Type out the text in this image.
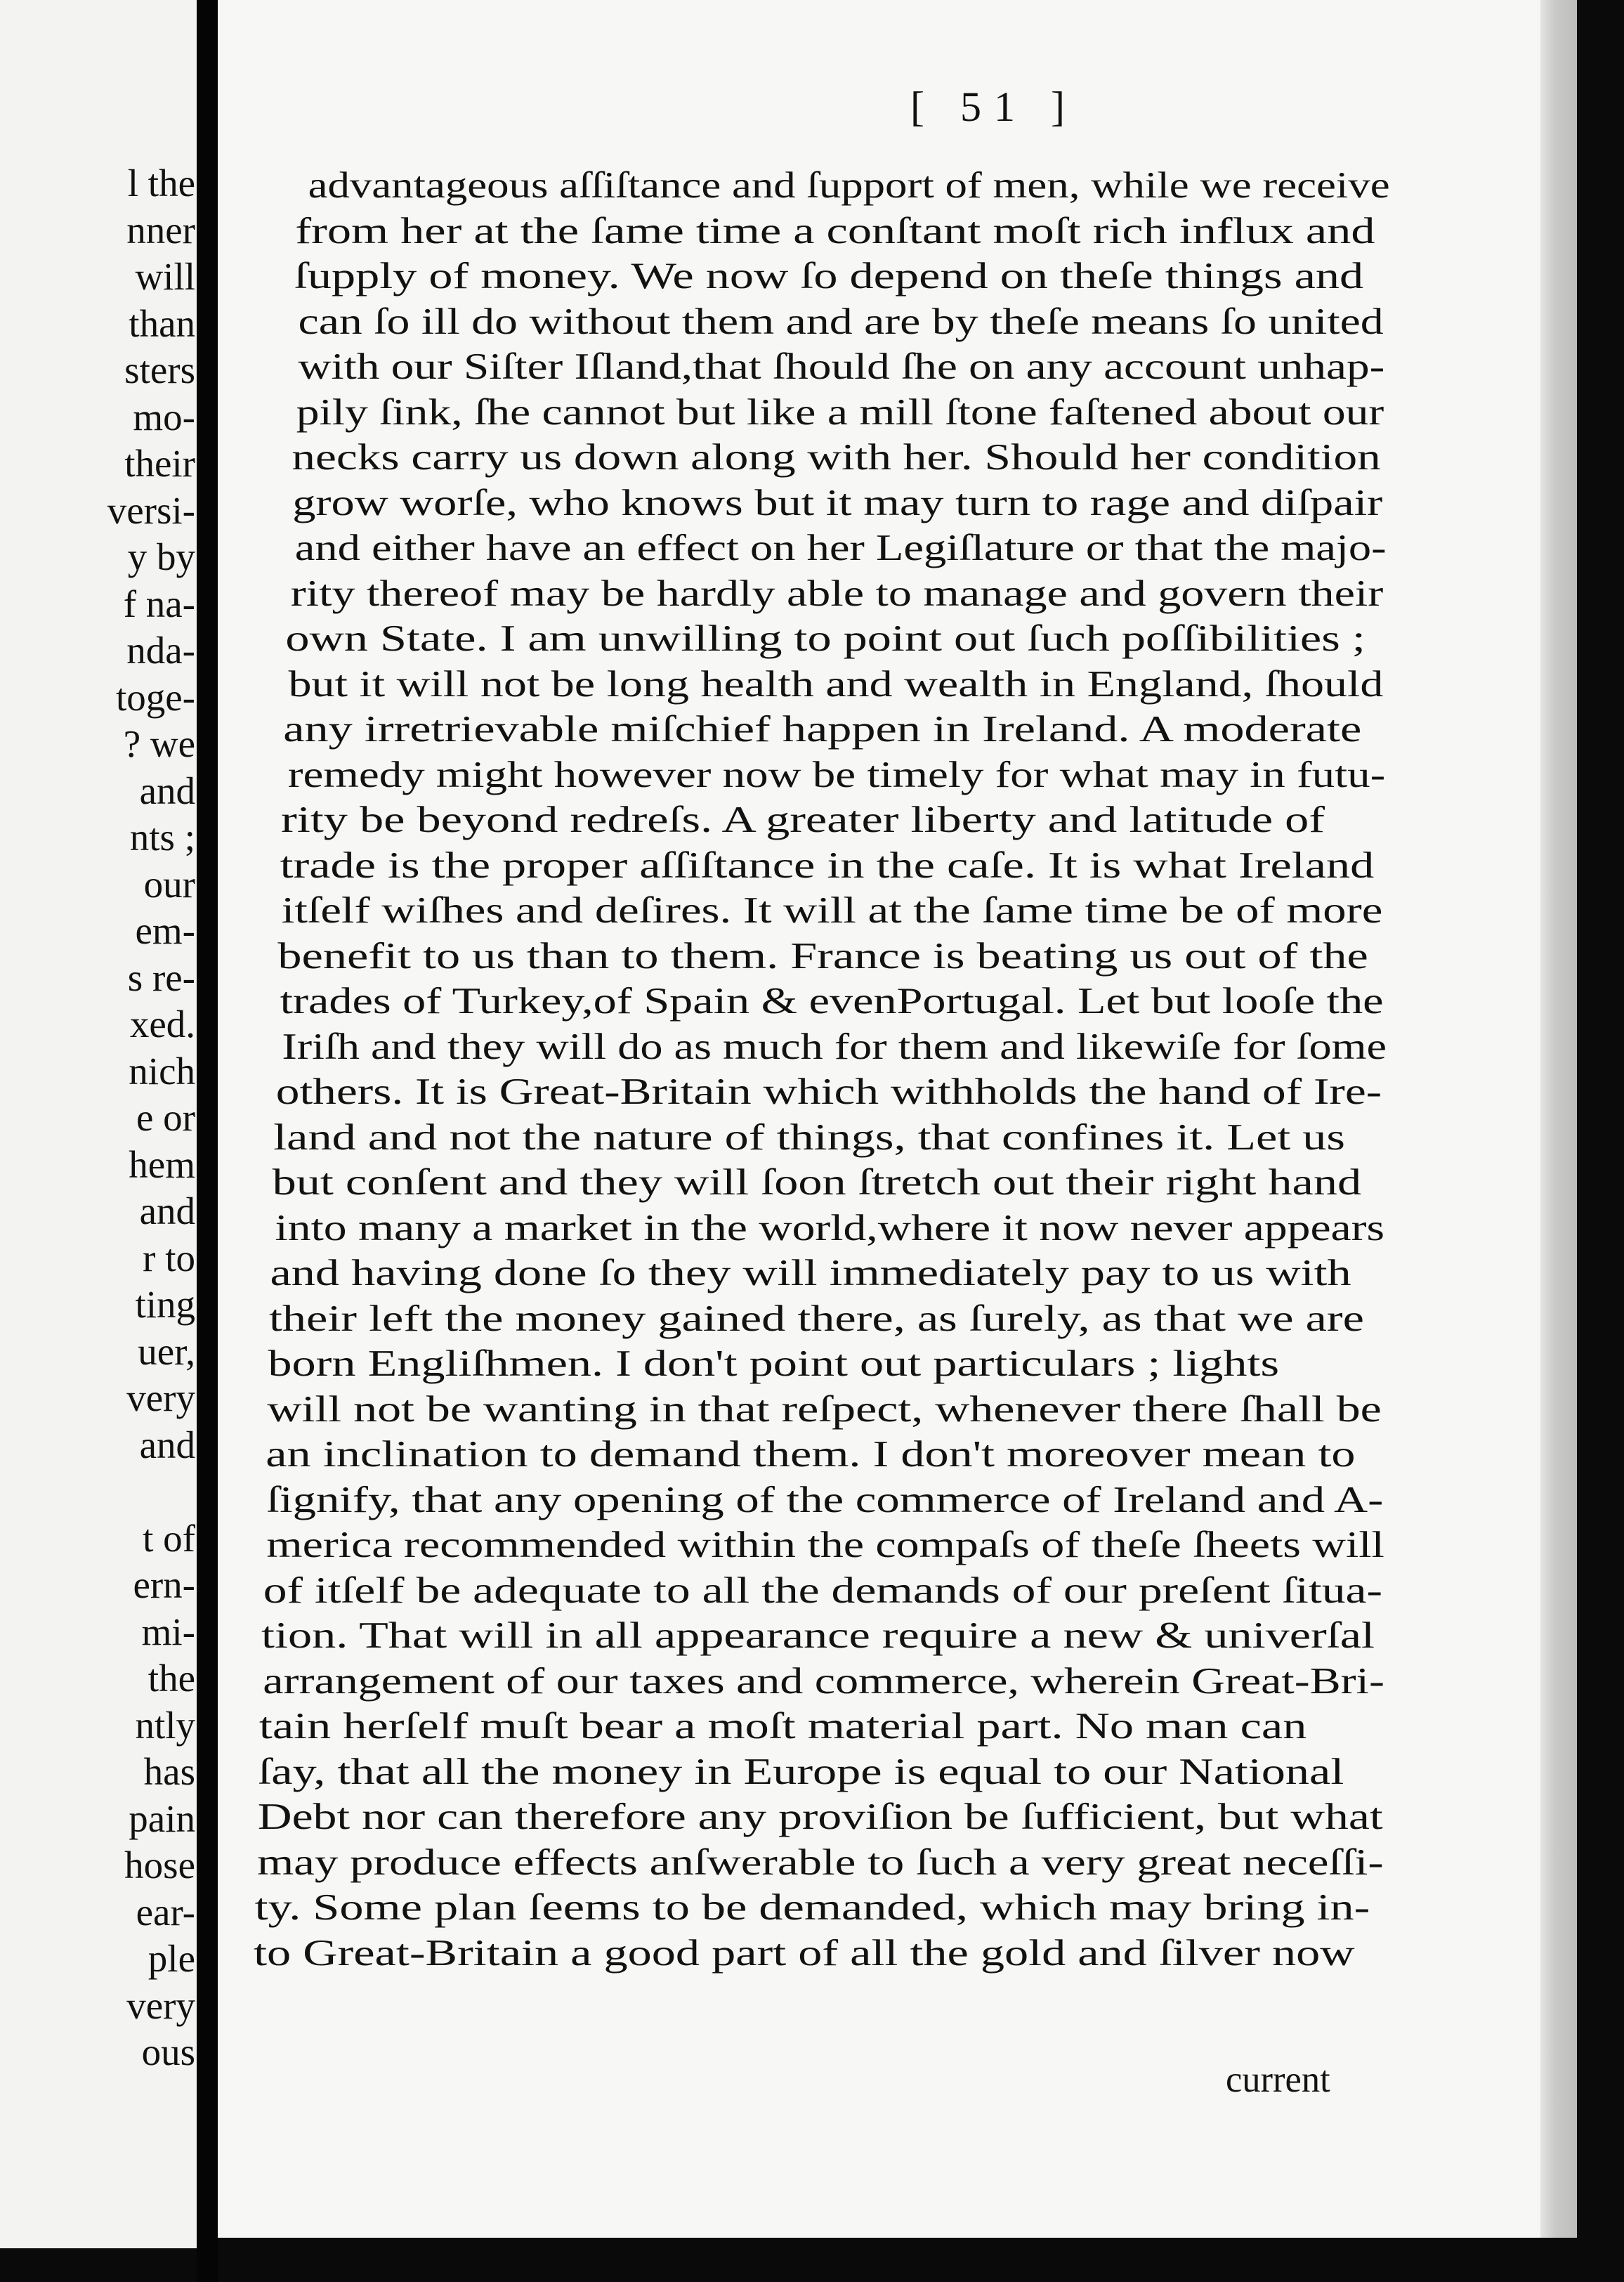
l the
nner
will
than
sters
mo-
their
versi-
y by
f na-
nda-
toge-
? we
and
nts ;
our
em-
s re-
xed.
nich
e or
hem
and
r to
ting
uer,
very
and
t of
ern-
mi-
the
ntly
has
pain
hose
ear-
ple
very
ous
[ 51 ]
advantageous aſſiſtance and ſupport of men, while we receive
from her at the ſame time a conſtant moſt rich influx and
ſupply of money. We now ſo depend on theſe things and
can ſo ill do without them and are by theſe means ſo united
with our Siſter Iſland,that ſhould ſhe on any account unhap-
pily ſink, ſhe cannot but like a mill ſtone faſtened about our
necks carry us down along with her. Should her condition
grow worſe, who knows but it may turn to rage and diſpair
and either have an effect on her Legiſlature or that the majo-
rity thereof may be hardly able to manage and govern their
own State. I am unwilling to point out ſuch poſſibilities ;
but it will not be long health and wealth in England, ſhould
any irretrievable miſchief happen in Ireland. A moderate
remedy might however now be timely for what may in futu-
rity be beyond redreſs. A greater liberty and latitude of
trade is the proper aſſiſtance in the caſe. It is what Ireland
itſelf wiſhes and deſires. It will at the ſame time be of more
benefit to us than to them. France is beating us out of the
trades of Turkey,of Spain & evenPortugal. Let but looſe the
Iriſh and they will do as much for them and likewiſe for ſome
others. It is Great-Britain which withholds the hand of Ire-
land and not the nature of things, that confines it. Let us
but conſent and they will ſoon ſtretch out their right hand
into many a market in the world,where it now never appears
and having done ſo they will immediately pay to us with
their left the money gained there, as ſurely, as that we are
born Engliſhmen. I don't point out particulars ; lights
will not be wanting in that reſpect, whenever there ſhall be
an inclination to demand them. I don't moreover mean to
ſignify, that any opening of the commerce of Ireland and A-
merica recommended within the compaſs of theſe ſheets will
of itſelf be adequate to all the demands of our preſent ſitua-
tion. That will in all appearance require a new & univerſal
arrangement of our taxes and commerce, wherein Great-Bri-
tain herſelf muſt bear a moſt material part. No man can
ſay, that all the money in Europe is equal to our National
Debt nor can therefore any proviſion be ſufficient, but what
may produce effects anſwerable to ſuch a very great neceſſi-
ty. Some plan ſeems to be demanded, which may bring in-
to Great-Britain a good part of all the gold and ſilver now
current
